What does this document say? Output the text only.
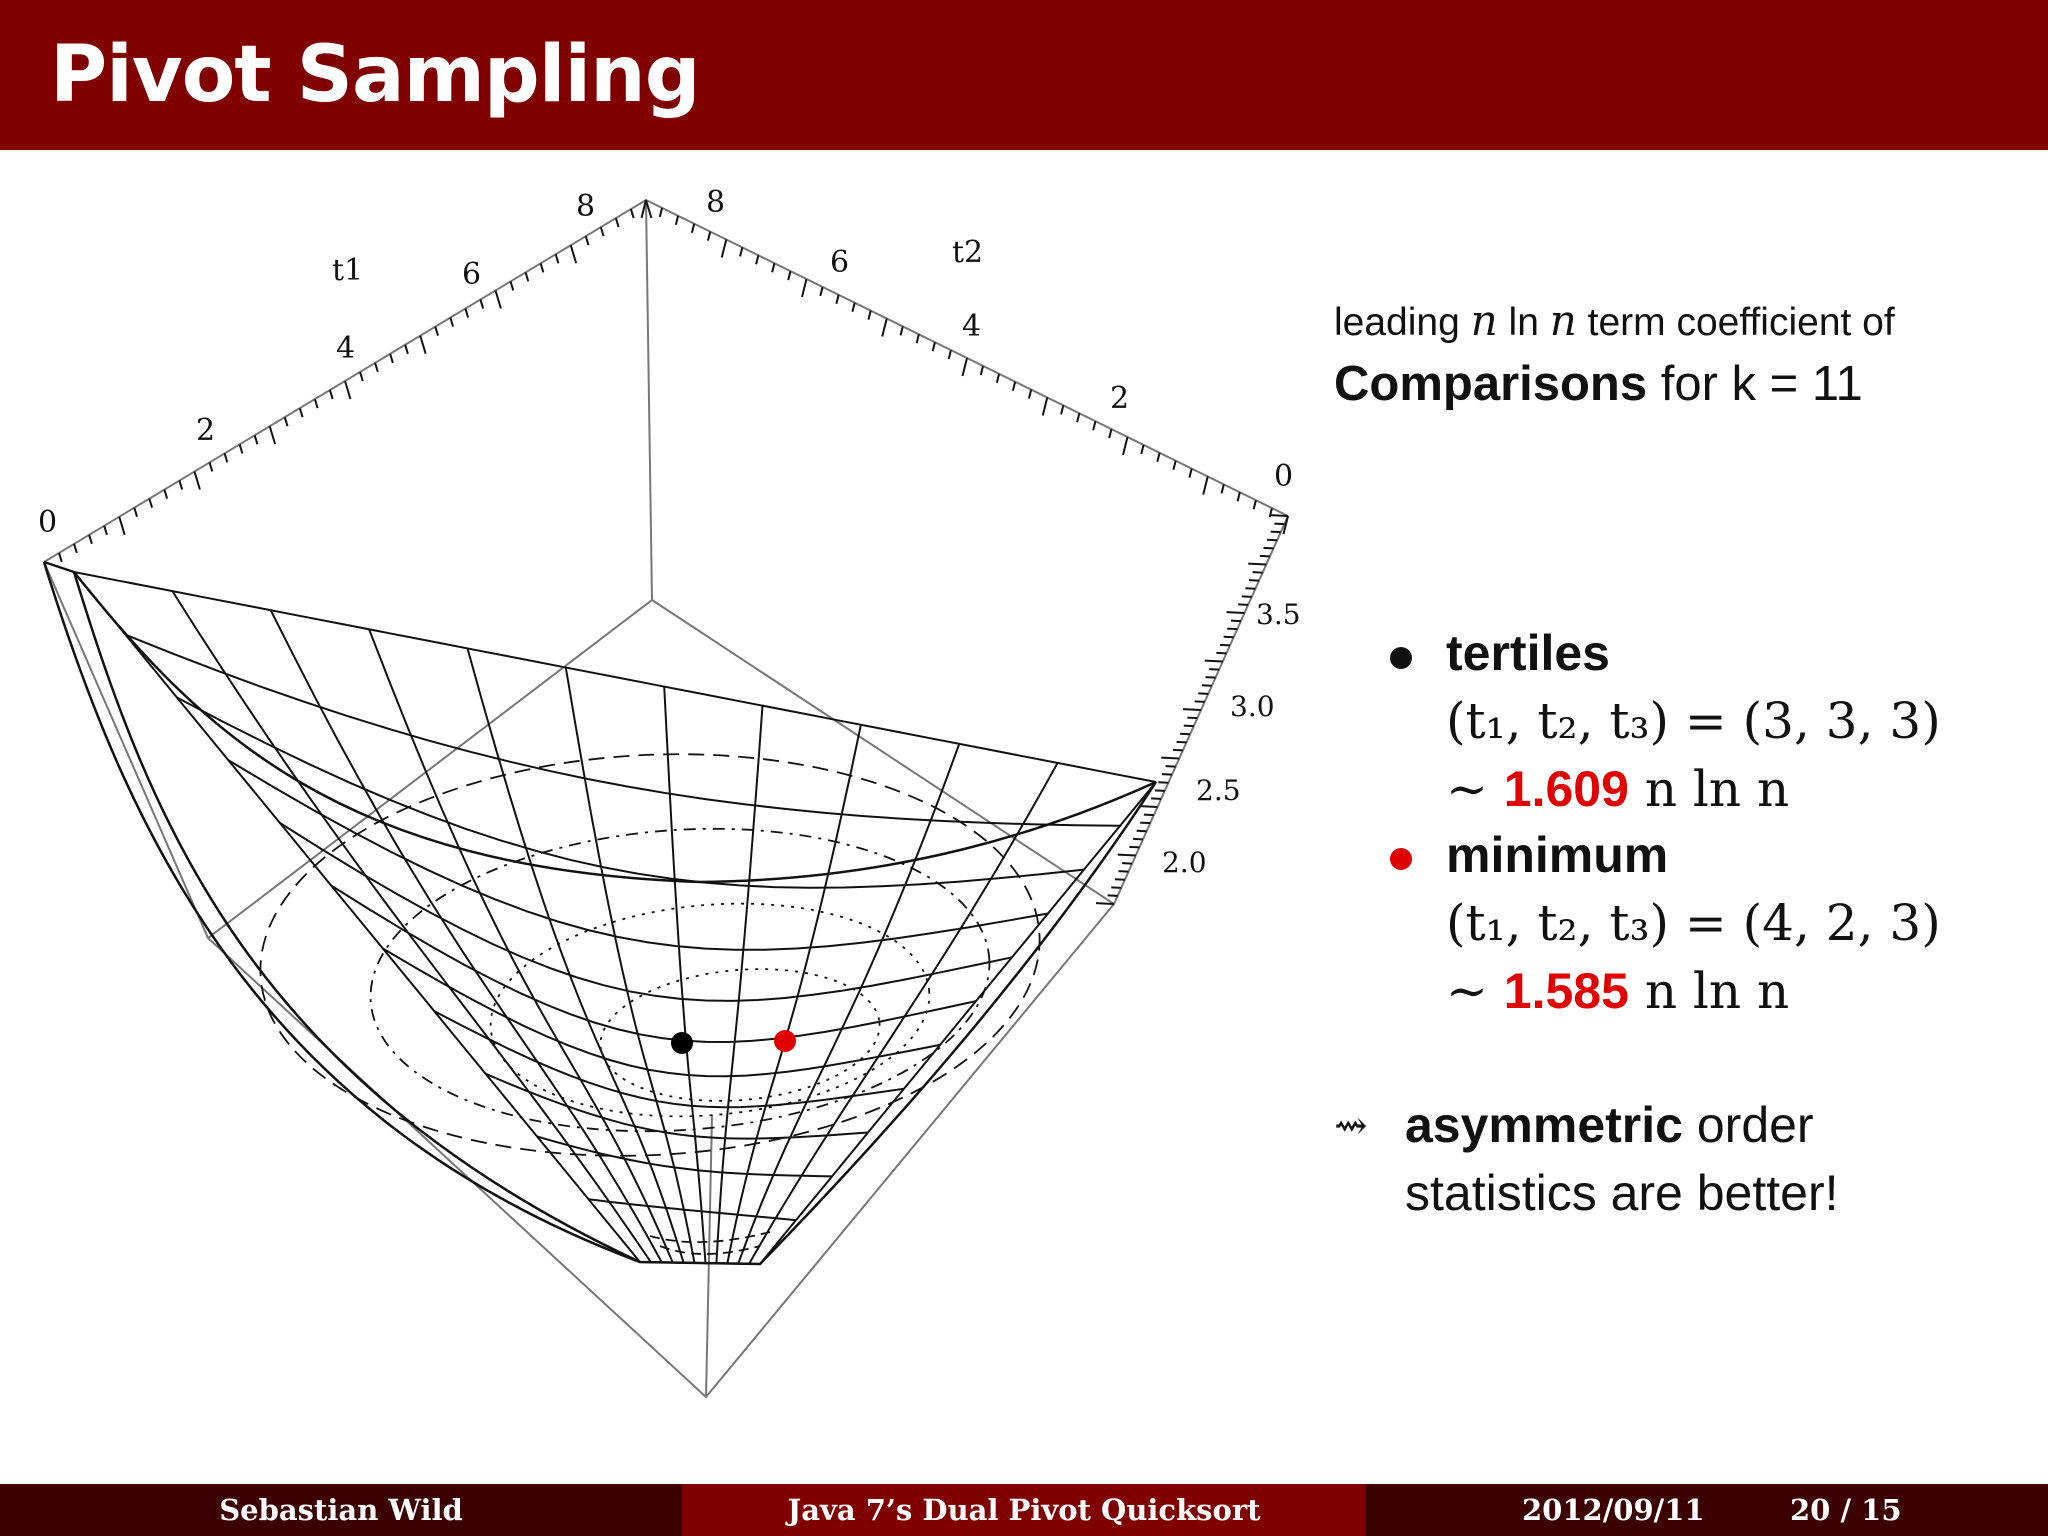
Pivot Sampling
0
2
4
6
8
t1
8
6
4
2
0
t2
3.5
3.0
2.5
2.0
leading n ln n term coefficient of
Comparisons for k = 11
tertiles
(t₁, t₂, t₃) = (3, 3, 3)
∼ 1.609 n ln n
minimum
(t₁, t₂, t₃) = (4, 2, 3)
∼ 1.585 n ln n
⇝ asymmetric order
statistics are better!
Sebastian Wild	Java 7’s Dual Pivot Quicksort	2012/09/11	20 / 15
